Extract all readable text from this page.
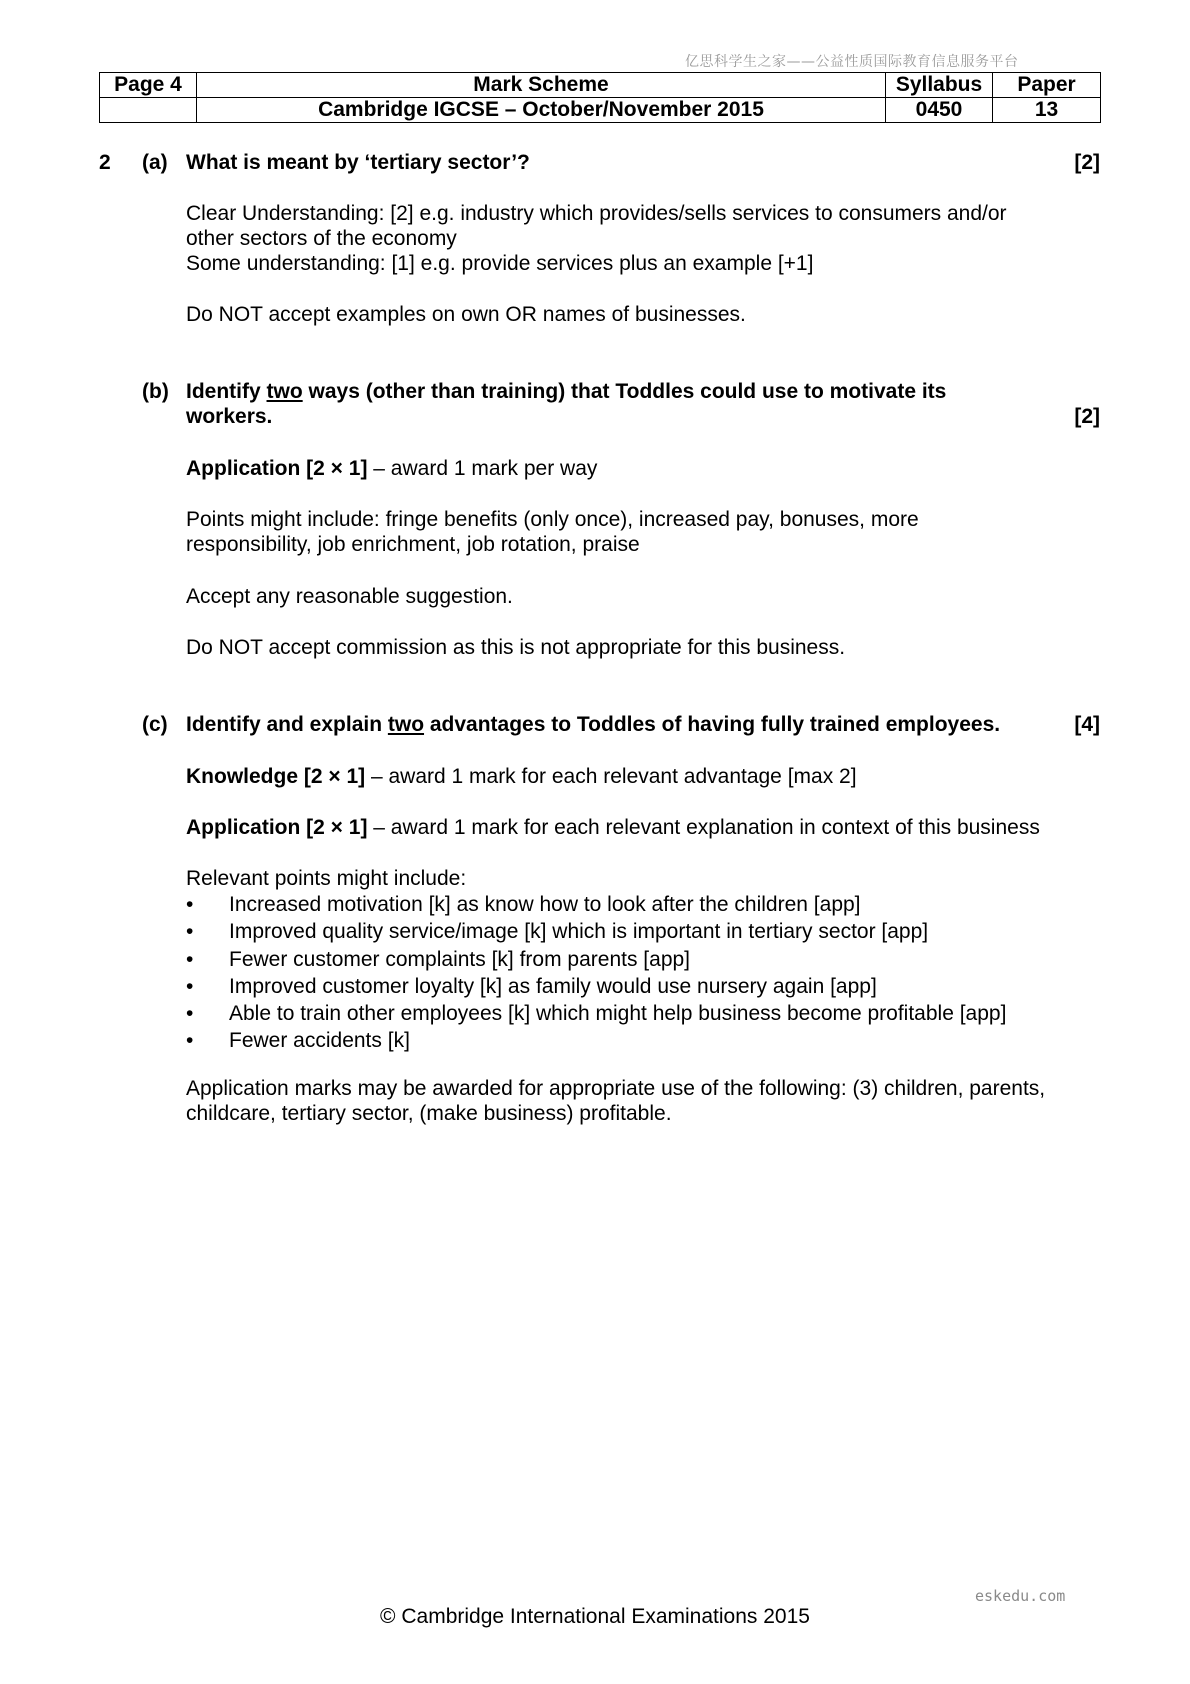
亿思科学生之家——公益性质国际教育信息服务平台
Page 4	Mark Scheme	Syllabus	Paper
	Cambridge IGCSE – October/November 2015	0450	13
2 (a) What is meant by ‘tertiary sector’?	[2]
Clear Understanding: [2] e.g. industry which provides/sells services to consumers and/or
other sectors of the economy
Some understanding: [1] e.g. provide services plus an example [+1]
Do NOT accept examples on own OR names of businesses.
(b) Identify two ways (other than training) that Toddles could use to motivate its
workers.	[2]
Application [2 × 1] – award 1 mark per way
Points might include: fringe benefits (only once), increased pay, bonuses, more
responsibility, job enrichment, job rotation, praise
Accept any reasonable suggestion.
Do NOT accept commission as this is not appropriate for this business.
(c) Identify and explain two advantages to Toddles of having fully trained employees.	[4]
Knowledge [2 × 1] – award 1 mark for each relevant advantage [max 2]
Application [2 × 1] – award 1 mark for each relevant explanation in context of this business
Relevant points might include:
• Increased motivation [k] as know how to look after the children [app]
• Improved quality service/image [k] which is important in tertiary sector [app]
• Fewer customer complaints [k] from parents [app]
• Improved customer loyalty [k] as family would use nursery again [app]
• Able to train other employees [k] which might help business become profitable [app]
• Fewer accidents [k]
Application marks may be awarded for appropriate use of the following: (3) children, parents,
childcare, tertiary sector, (make business) profitable.
eskedu.com
© Cambridge International Examinations 2015
